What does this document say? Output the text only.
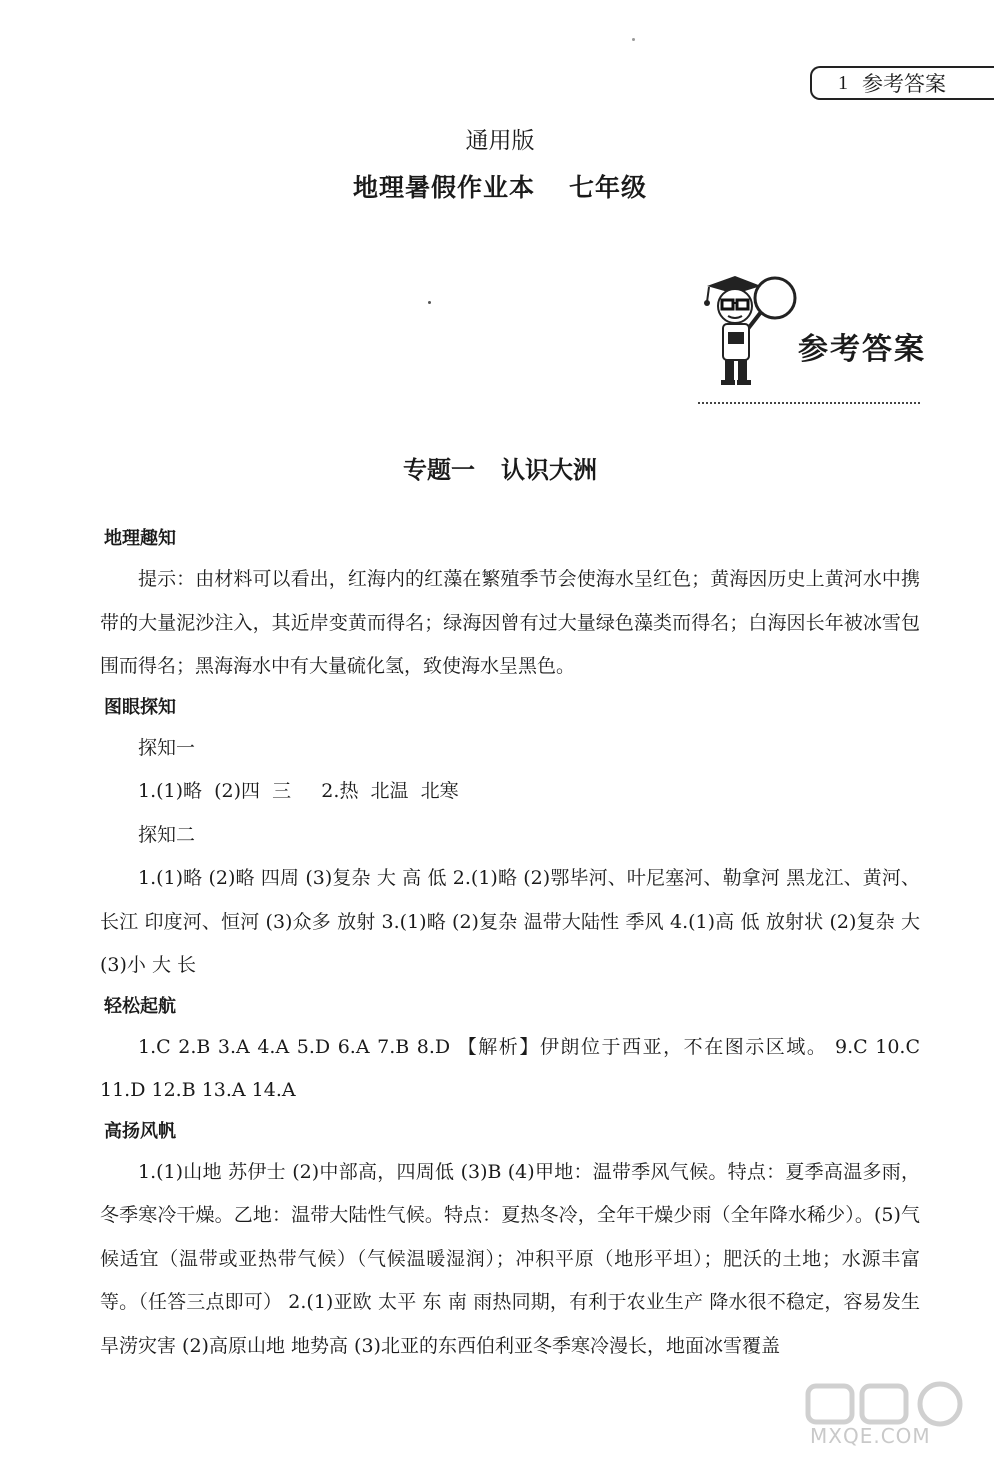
1 参考答案
通用版
地理暑假作业本 七年级
参考答案
专题一 认识大洲
地理趣知
提示：由材料可以看出，红海内的红藻在繁殖季节会使海水呈红色；黄海因历史上黄河水中携带的大量泥沙注入，其近岸变黄而得名；绿海因曾有过大量绿色藻类而得名；白海因长年被冰雪包围而得名；黑海海水中有大量硫化氢，致使海水呈黑色。
图眼探知
探知一
1.(1)略  (2)四  三     2.热  北温  北寒
探知二
1.(1)略 (2)略 四周 (3)复杂 大 高 低 2.(1)略 (2)鄂毕河、叶尼塞河、勒拿河 黑龙江、黄河、长江 印度河、恒河 (3)众多 放射 3.(1)略 (2)复杂 温带大陆性 季风 4.(1)高 低 放射状 (2)复杂 大 (3)小 大 长
轻松起航
1.C 2.B 3.A 4.A 5.D 6.A 7.B 8.D 【解析】伊朗位于西亚，不在图示区域。 9.C 10.C 11.D 12.B 13.A 14.A
高扬风帆
1.(1)山地 苏伊士 (2)中部高，四周低 (3)B (4)甲地：温带季风气候。特点：夏季高温多雨，冬季寒冷干燥。乙地：温带大陆性气候。特点：夏热冬冷，全年干燥少雨（全年降水稀少）。(5)气候适宜（温带或亚热带气候）（气候温暖湿润）；冲积平原（地形平坦）；肥沃的土地；水源丰富等。（任答三点即可） 2.(1)亚欧 太平 东 南 雨热同期，有利于农业生产 降水很不稳定，容易发生旱涝灾害 (2)高原山地 地势高 (3)北亚的东西伯利亚冬季寒冷漫长，地面冰雪覆盖
MXQE.COM
